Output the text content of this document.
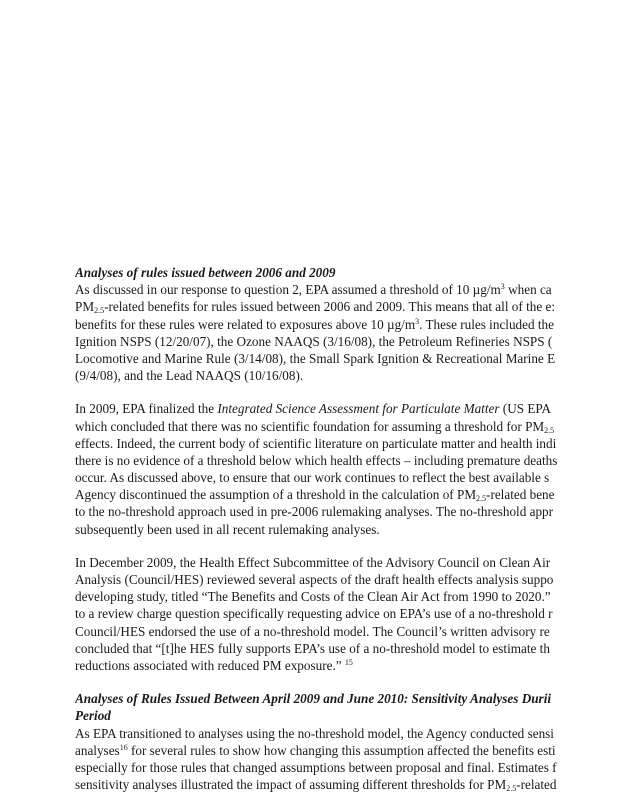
Analyses of rules issued between 2006 and 2009
As discussed in our response to question 2, EPA assumed a threshold of 10 $\mu g/m^3$ when ca
$PM_{2.5}$-related benefits for rules issued between 2006 and 2009. This means that all of the e:
benefits for these rules were related to exposures above 10 $\mu g/m^3$. These rules included the
Ignition NSPS (12/20/07), the Ozone NAAQS (3/16/08), the Petroleum Refineries NSPS (
Locomotive and Marine Rule (3/14/08), the Small Spark Ignition & Recreational Marine E
(9/4/08), and the Lead NAAQS (10/16/08).
In 2009, EPA finalized the Integrated Science Assessment for Particulate Matter (US EPA
which concluded that there was no scientific foundation for assuming a threshold for $PM_{2.5}$
effects. Indeed, the current body of scientific literature on particulate matter and health indi
there is no evidence of a threshold below which health effects – including premature deaths
occur. As discussed above, to ensure that our work continues to reflect the best available s
Agency discontinued the assumption of a threshold in the calculation of $PM_{2.5}$-related bene
to the no-threshold approach used in pre-2006 rulemaking analyses. The no-threshold appr
subsequently been used in all recent rulemaking analyses.
In December 2009, the Health Effect Subcommittee of the Advisory Council on Clean Air
Analysis (Council/HES) reviewed several aspects of the draft health effects analysis suppo
developing study, titled “The Benefits and Costs of the Clean Air Act from 1990 to 2020.”
to a review charge question specifically requesting advice on EPA’s use of a no-threshold r
Council/HES endorsed the use of a no-threshold model. The Council’s written advisory re
concluded that “[t]he HES fully supports EPA’s use of a no-threshold model to estimate th
reductions associated with reduced PM exposure.” $^{15}$
Analyses of Rules Issued Between April 2009 and June 2010: Sensitivity Analyses Durii
Period
As EPA transitioned to analyses using the no-threshold model, the Agency conducted sensi
analyses$^{16}$ for several rules to show how changing this assumption affected the benefits esti
especially for those rules that changed assumptions between proposal and final. Estimates f
sensitivity analyses illustrated the impact of assuming different thresholds for $PM_{2.5}$-related
